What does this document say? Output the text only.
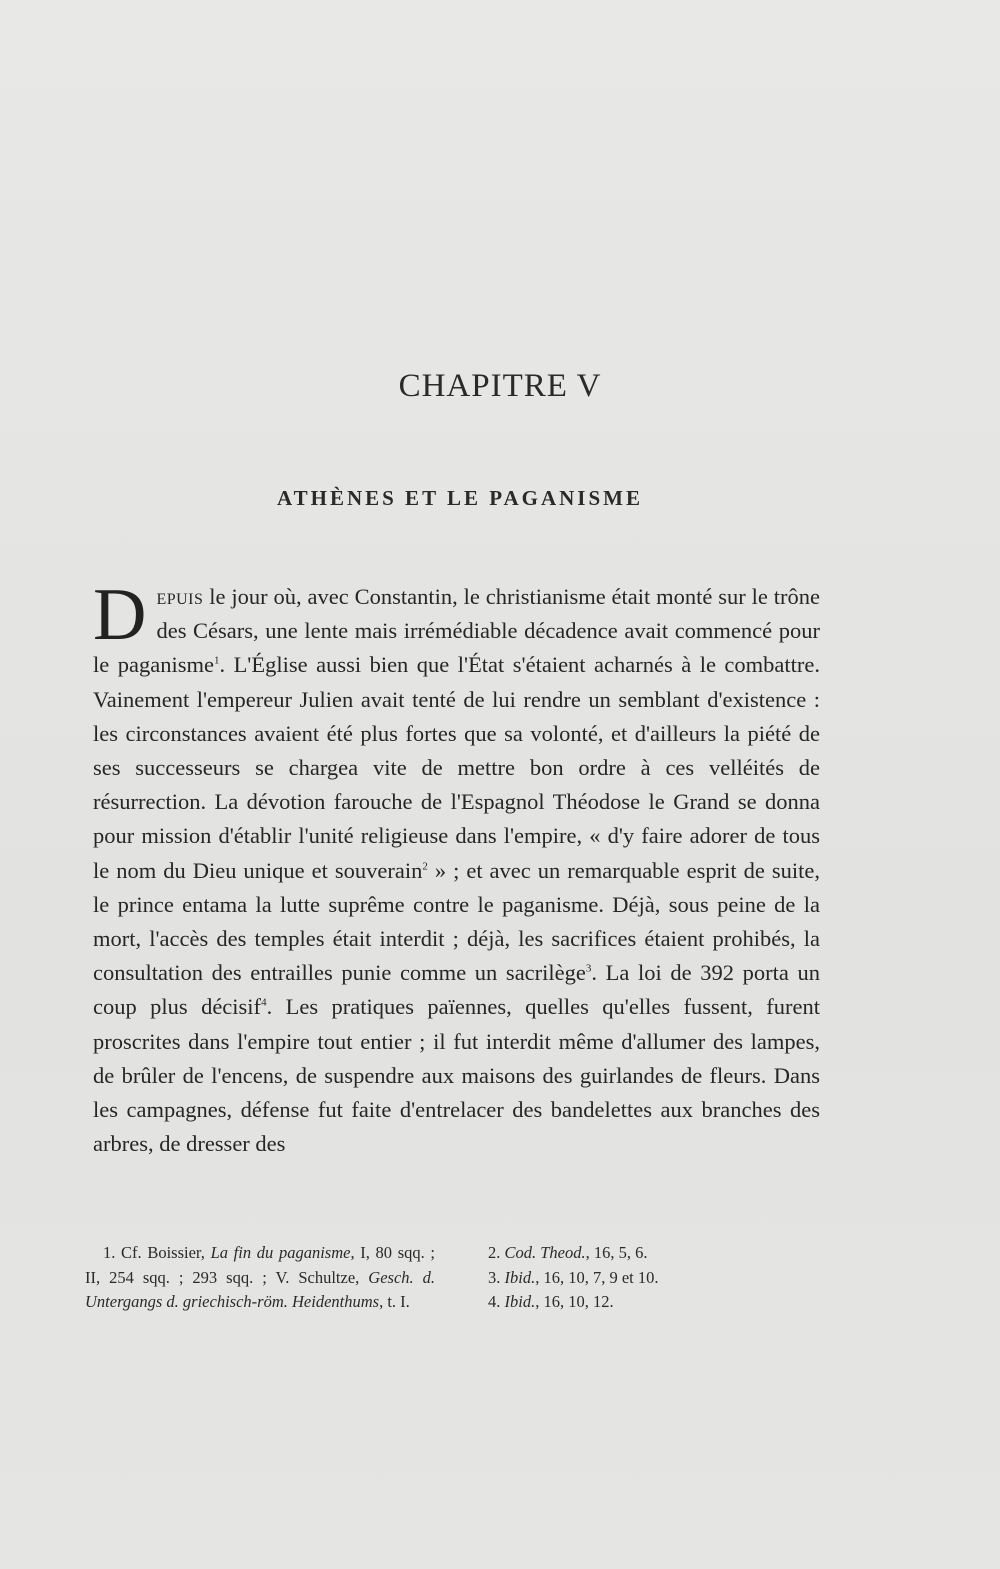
CHAPITRE V
ATHÈNES ET LE PAGANISME

Depuis le jour où, avec Constantin, le christianisme était monté sur le trône des Césars, une lente mais irrémédiable décadence avait commencé pour le paganisme$^1$. L'Église aussi bien que l'État s'étaient acharnés à le combattre. Vainement l'empereur Julien avait tenté de lui rendre un semblant d'existence : les circonstances avaient été plus fortes que sa volonté, et d'ailleurs la piété de ses successeurs se chargea vite de mettre bon ordre à ces velléités de résurrection. La dévotion farouche de l'Espagnol Théodose le Grand se donna pour mission d'établir l'unité religieuse dans l'empire, « d'y faire adorer de tous le nom du Dieu unique et souverain$^2$ » ; et avec un remarquable esprit de suite, le prince entama la lutte suprême contre le paganisme. Déjà, sous peine de la mort, l'accès des temples était interdit ; déjà, les sacrifices étaient prohibés, la consultation des entrailles punie comme un sacrilège$^3$. La loi de 392 porta un coup plus décisif$^4$. Les pratiques païennes, quelles qu'elles fussent, furent proscrites dans l'empire tout entier ; il fut interdit même d'allumer des lampes, de brûler de l'encens, de suspendre aux maisons des guirlandes de fleurs. Dans les campagnes, défense fut faite d'entrelacer des bandelettes aux branches des arbres, de dresser des

1. Cf. Boissier, La fin du paganisme, I, 80 sqq. ; II, 254 sqq. ; 293 sqq. ; V. Schultze, Gesch. d. Untergangs d. griechisch-röm. Heidenthums, t. I.

2. Cod. Theod., 16, 5, 6.

3. Ibid., 16, 10, 7, 9 et 10.

4. Ibid., 16, 10, 12.
